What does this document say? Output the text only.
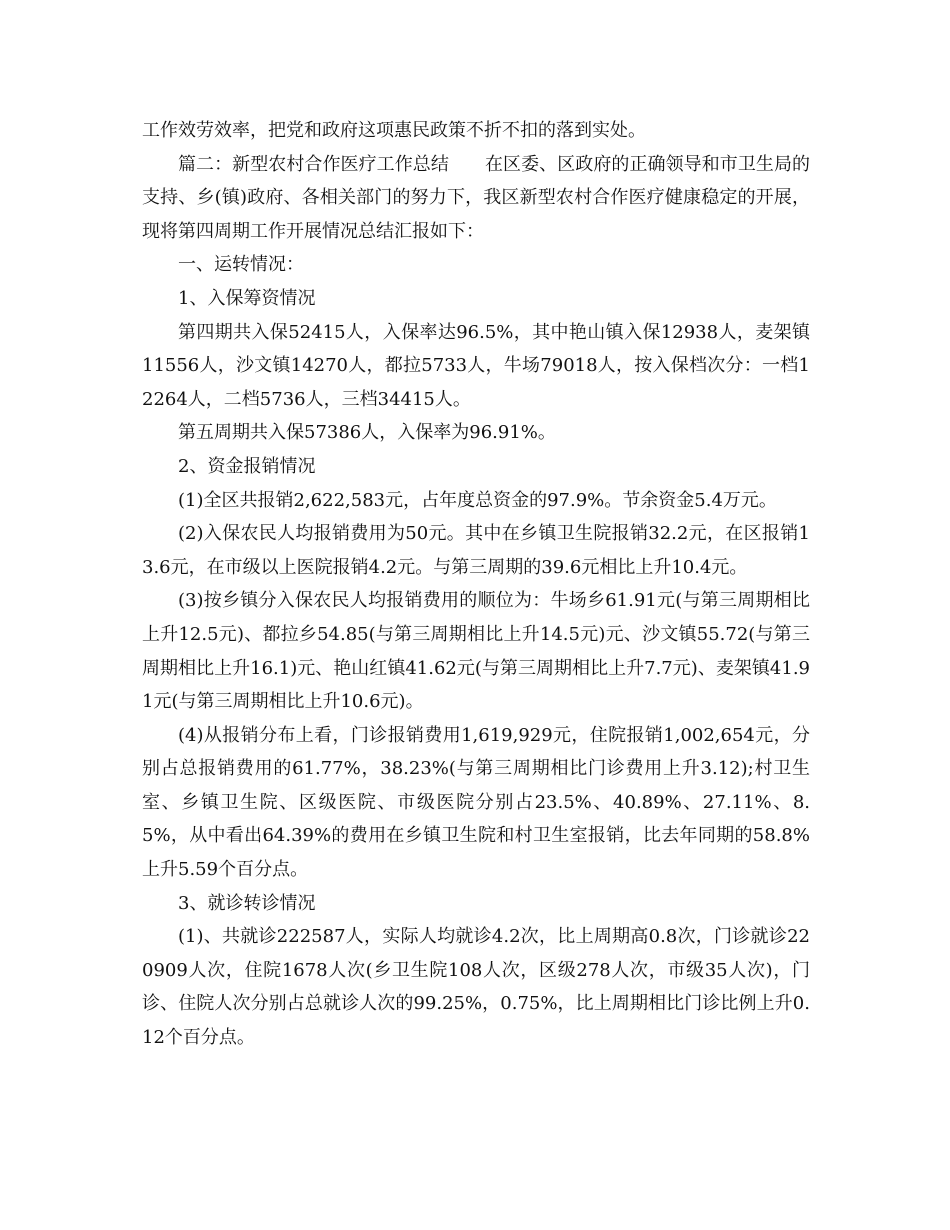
工作效劳效率，把党和政府这项惠民政策不折不扣的落到实处。

篇二：新型农村合作医疗工作总结　　在区委、区政府的正确领导和市卫生局的支持、乡(镇)政府、各相关部门的努力下，我区新型农村合作医疗健康稳定的开展，现将第四周期工作开展情况总结汇报如下：

一、运转情况：

1、入保筹资情况

第四期共入保52415人，入保率达96.5%，其中艳山镇入保12938人，麦架镇11556人，沙文镇14270人，都拉5733人，牛场79018人，按入保档次分：一档12264人，二档5736人，三档34415人。

第五周期共入保57386人，入保率为96.91%。

2、资金报销情况

(1)全区共报销2,622,583元，占年度总资金的97.9%。节余资金5.4万元。

(2)入保农民人均报销费用为50元。其中在乡镇卫生院报销32.2元，在区报销13.6元，在市级以上医院报销4.2元。与第三周期的39.6元相比上升10.4元。

(3)按乡镇分入保农民人均报销费用的顺位为：牛场乡61.91元(与第三周期相比上升12.5元)、都拉乡54.85(与第三周期相比上升14.5元)元、沙文镇55.72(与第三周期相比上升16.1)元、艳山红镇41.62元(与第三周期相比上升7.7元)、麦架镇41.91元(与第三周期相比上升10.6元)。

(4)从报销分布上看，门诊报销费用1,619,929元，住院报销1,002,654元，分别占总报销费用的61.77%，38.23%(与第三周期相比门诊费用上升3.12);村卫生室、乡镇卫生院、区级医院、市级医院分别占23.5%、40.89%、27.11%、8.5%，从中看出64.39%的费用在乡镇卫生院和村卫生室报销，比去年同期的58.8%上升5.59个百分点。

3、就诊转诊情况

(1)、共就诊222587人，实际人均就诊4.2次，比上周期高0.8次，门诊就诊220909人次，住院1678人次(乡卫生院108人次，区级278人次，市级35人次)，门诊、住院人次分别占总就诊人次的99.25%，0.75%，比上周期相比门诊比例上升0.12个百分点。
